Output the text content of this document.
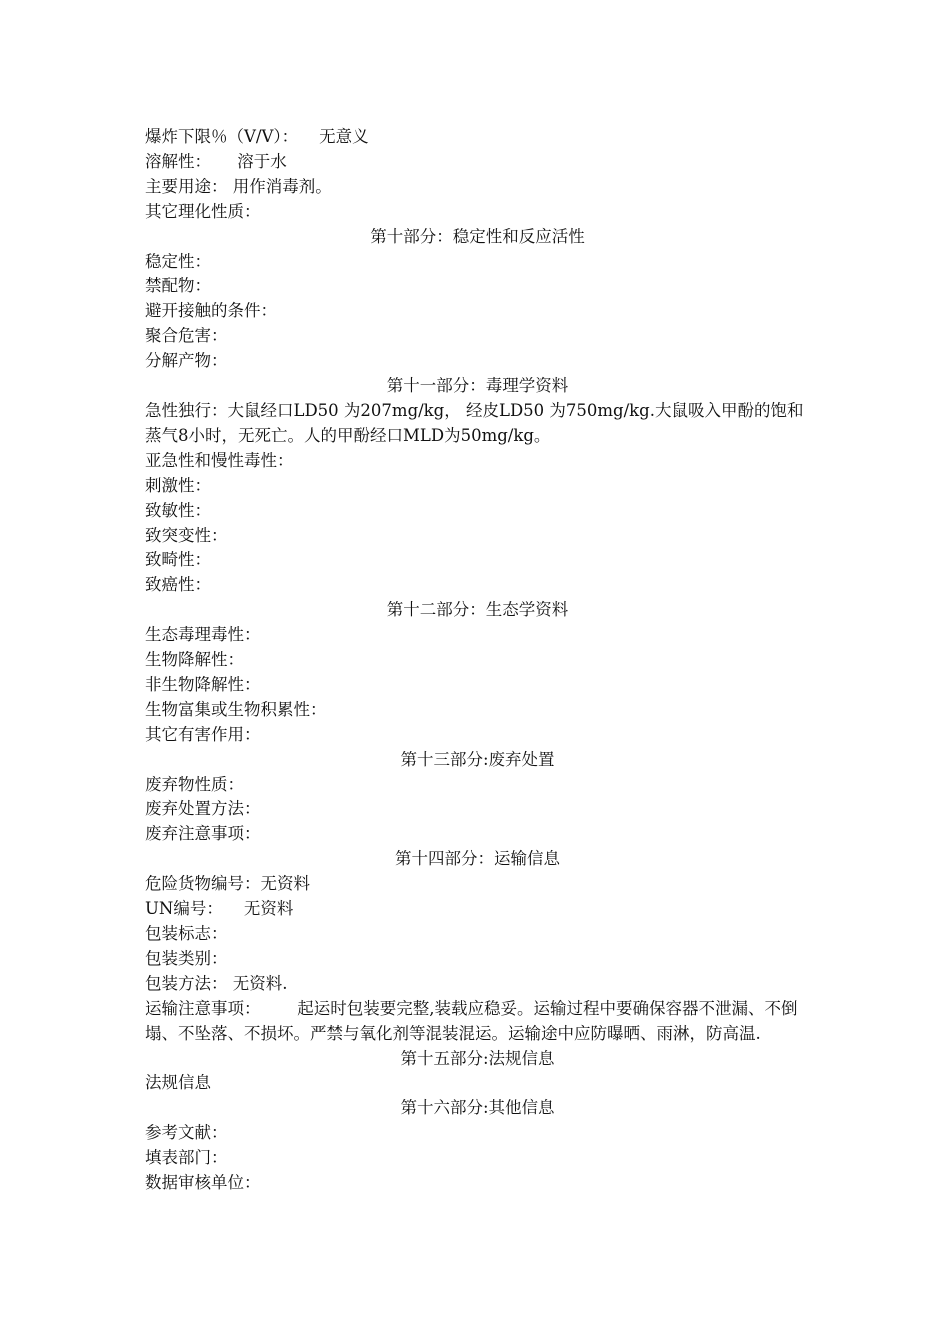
爆炸下限％（V/V）：    无意义

溶解性：     溶于水

主要用途： 用作消毒剂。

其它理化性质：

第十部分：稳定性和反应活性

稳定性：

禁配物：

避开接触的条件：

聚合危害：

分解产物：

第十一部分：毒理学资料

急性独行：大鼠经口LD50 为207mg/kg， 经皮LD50 为750mg/kg.大鼠吸入甲酚的饱和蒸气8小时，无死亡。人的甲酚经口MLD为50mg/kg。

亚急性和慢性毒性：

刺激性：

致敏性：

致突变性：

致畸性：

致癌性：

第十二部分：生态学资料

生态毒理毒性：

生物降解性：

非生物降解性：

生物富集或生物积累性：

其它有害作用：

第十三部分:废弃处置

废弃物性质：

废弃处置方法：

废弃注意事项：

第十四部分：运输信息

危险货物编号：无资料

UN编号：    无资料

包装标志：

包装类别：

包装方法： 无资料.

运输注意事项：       起运时包装要完整,装载应稳妥。运输过程中要确保容器不泄漏、不倒塌、不坠落、不损坏。严禁与氧化剂等混装混运。运输途中应防曝晒、雨淋，防高温.

第十五部分:法规信息

法规信息

第十六部分:其他信息

参考文献：

填表部门：

数据审核单位：
